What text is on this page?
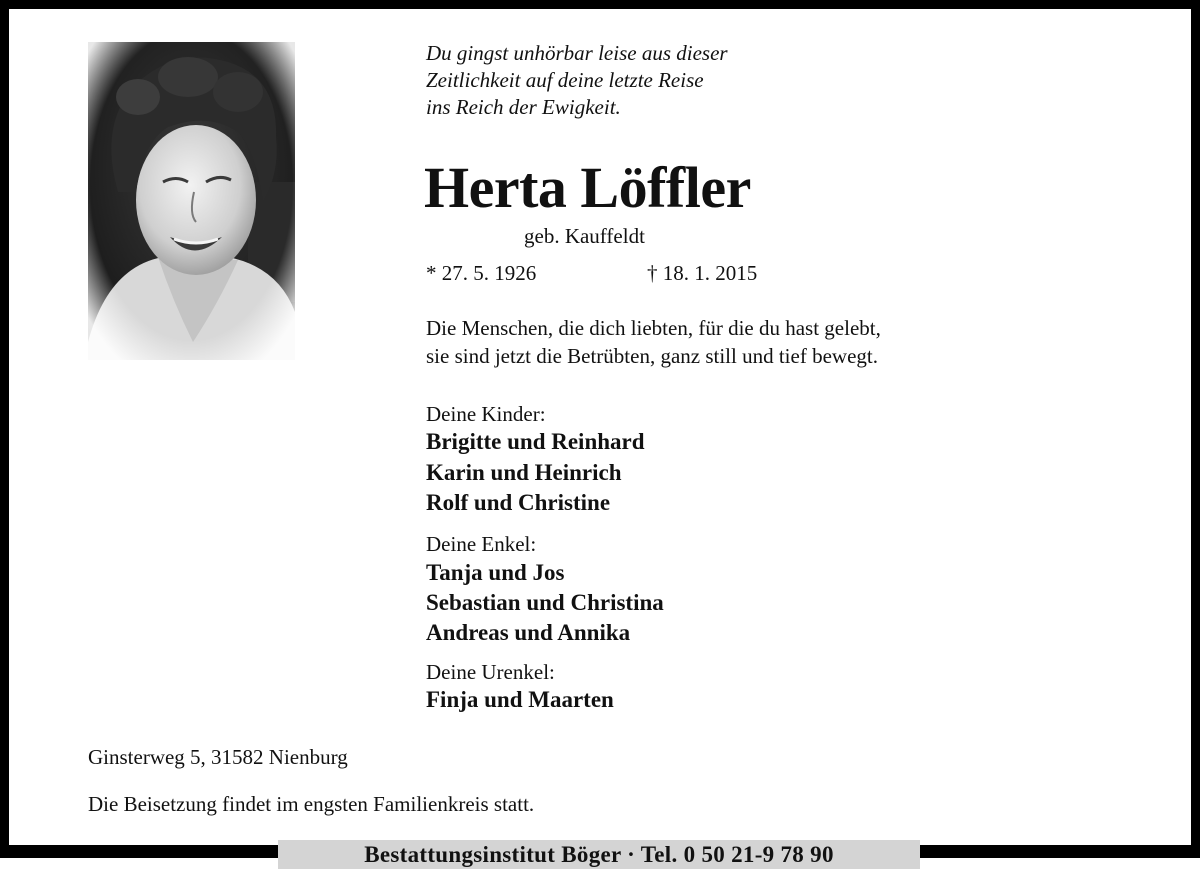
Du gingst unhörbar leise aus dieser
Zeitlichkeit auf deine letzte Reise
ins Reich der Ewigkeit.
Herta Löffler
geb. Kauffeldt
* 27. 5. 1926	† 18. 1. 2015
Die Menschen, die dich liebten, für die du hast gelebt,
sie sind jetzt die Betrübten, ganz still und tief bewegt.
Deine Kinder:
Brigitte und Reinhard
Karin und Heinrich
Rolf und Christine
Deine Enkel:
Tanja und Jos
Sebastian und Christina
Andreas und Annika
Deine Urenkel:
Finja und Maarten
Ginsterweg 5, 31582 Nienburg
Die Beisetzung findet im engsten Familienkreis statt.
Bestattungsinstitut Böger · Tel. 0 50 21-9 78 90
